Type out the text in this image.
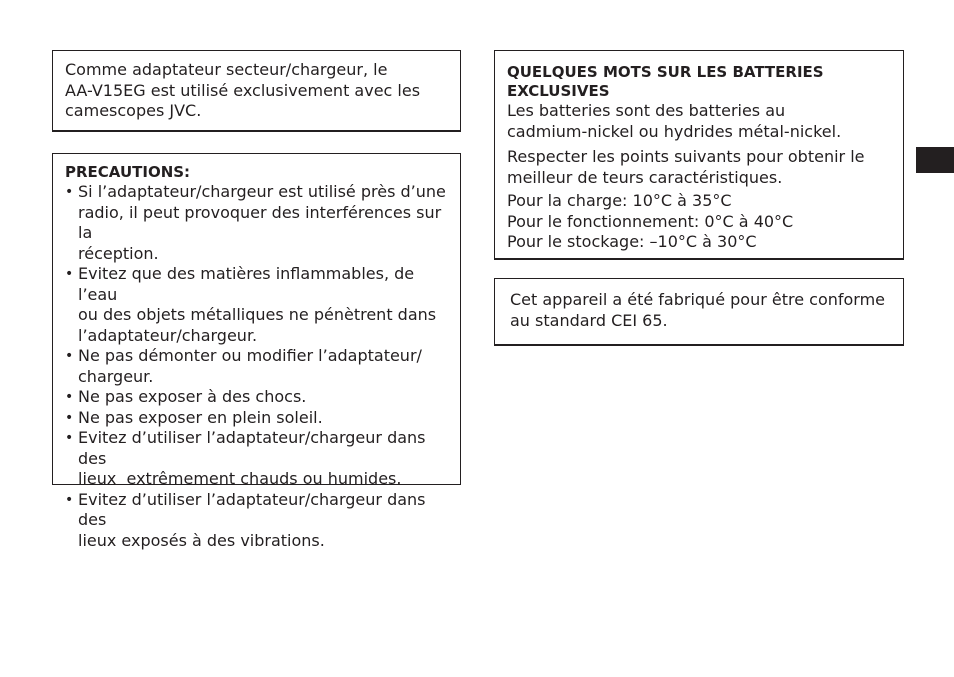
Comme adaptateur secteur/chargeur, le
AA-V15EG est utilisé exclusivement avec les
camescopes JVC.

PRECAUTIONS:

• Si l’adaptateur/chargeur est utilisé près d’une
radio, il peut provoquer des interférences sur la
réception.
• Evitez que des matières inflammables, de l’eau
ou des objets métalliques ne pénètrent dans
l’adaptateur/chargeur.
• Ne pas démonter ou modifier l’adaptateur/
chargeur.
• Ne pas exposer à des chocs.
• Ne pas exposer en plein soleil.
• Evitez d’utiliser l’adaptateur/chargeur dans des
lieux  extrêmement chauds ou humides.
• Evitez d’utiliser l’adaptateur/chargeur dans des
lieux exposés à des vibrations.

QUELQUES MOTS SUR LES BATTERIES
EXCLUSIVES

Les batteries sont des batteries au
cadmium-nickel ou hydrides métal-nickel.

Respecter les points suivants pour obtenir le
meilleur de teurs caractéristiques.

Pour la charge: 10°C à 35°C
Pour le fonctionnement: 0°C à 40°C
Pour le stockage: –10°C à 30°C

Cet appareil a été fabriqué pour être conforme
au standard CEI 65.
